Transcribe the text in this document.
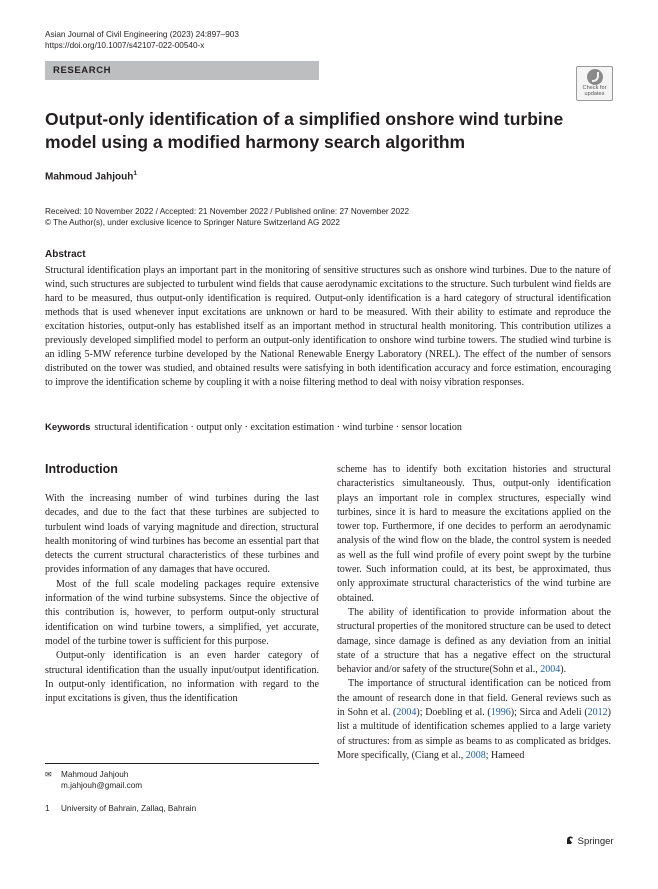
Asian Journal of Civil Engineering (2023) 24:897–903
https://doi.org/10.1007/s42107-022-00540-x
RESEARCH
Check for
updates
Output-only identification of a simplified onshore wind turbine model using a modified harmony search algorithm
Mahmoud Jahjouh$^1$
Received: 10 November 2022 / Accepted: 21 November 2022 / Published online: 27 November 2022
© The Author(s), under exclusive licence to Springer Nature Switzerland AG 2022
Abstract
Structural identification plays an important part in the monitoring of sensitive structures such as onshore wind turbines. Due to the nature of wind, such structures are subjected to turbulent wind fields that cause aerodynamic excitations to the structure. Such turbulent wind fields are hard to be measured, thus output-only identification is required. Output-only identification is a hard category of structural identification methods that is used whenever input excitations are unknown or hard to be measured. With their ability to estimate and reproduce the excitation histories, output-only has established itself as an important method in structural health monitoring. This contribution utilizes a previously developed simplified model to perform an output-only identification to onshore wind turbine towers. The studied wind turbine is an idling 5-MW reference turbine developed by the National Renewable Energy Laboratory (NREL). The effect of the number of sensors distributed on the tower was studied, and obtained results were satisfying in both identification accuracy and force estimation, encouraging to improve the identification scheme by coupling it with a noise filtering method to deal with noisy vibration responses.
Keywords structural identification · output only · excitation estimation · wind turbine · sensor location
Introduction

With the increasing number of wind turbines during the last decades, and due to the fact that these turbines are subjected to turbulent wind loads of varying magnitude and direction, structural health monitoring of wind turbines has become an essential part that detects the current structural characteristics of these turbines and provides information of any damages that have occured.

Most of the full scale modeling packages require extensive information of the wind turbine subsystems. Since the objective of this contribution is, however, to perform output-only structural identification on wind turbine towers, a simplified, yet accurate, model of the turbine tower is sufficient for this purpose.

Output-only identification is an even harder category of structural identification than the usually input/output identification. In output-only identification, no information with regard to the input excitations is given, thus the identification

scheme has to identify both excitation histories and structural characteristics simultaneously. Thus, output-only identification plays an important role in complex structures, especially wind turbines, since it is hard to measure the excitations applied on the tower top. Furthermore, if one decides to perform an aerodynamic analysis of the wind flow on the blade, the control system is needed as well as the full wind profile of every point swept by the turbine tower. Such information could, at its best, be approximated, thus only approximate structural characteristics of the wind turbine are obtained.

The ability of identification to provide information about the structural properties of the monitored structure can be used to detect damage, since damage is defined as any deviation from an initial state of a structure that has a negative effect on the structural behavior and/or safety of the structure(Sohn et al., 2004).

The importance of structural identification can be noticed from the amount of research done in that field. General reviews such as in Sohn et al. (2004); Doebling et al. (1996); Sirca and Adeli (2012) list a multitude of identification schemes applied to a large variety of structures: from as simple as beams to as complicated as bridges. More specifically, (Ciang et al., 2008; Hameed

✉ Mahmoud Jahjouh
m.jahjouh@gmail.com
1 University of Bahrain, Zallaq, Bahrain
Springer
